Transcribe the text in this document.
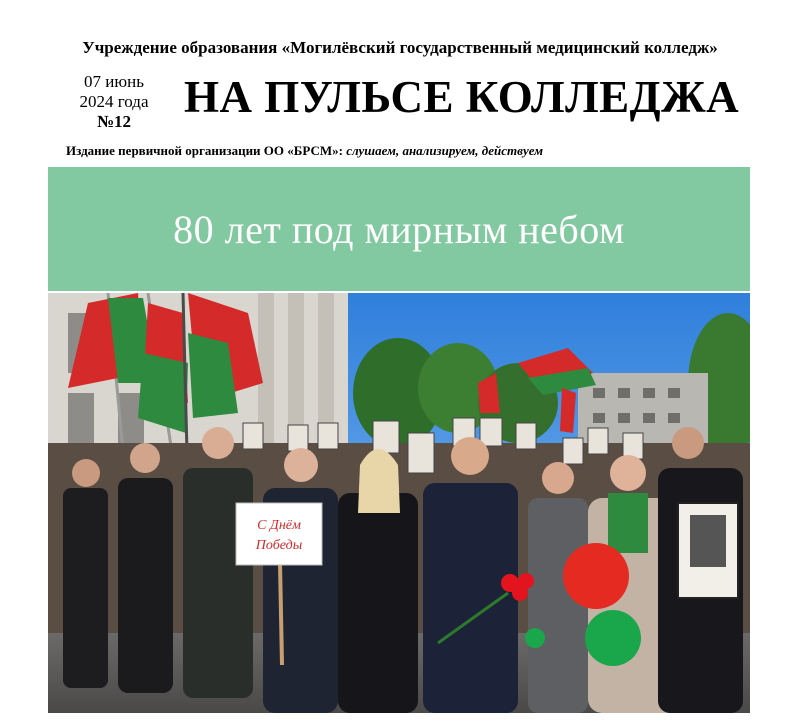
Учреждение образования «Могилёвский государственный медицинский колледж»
07 июнь
2024 года
№12	НА ПУЛЬСЕ КОЛЛЕДЖА
Издание первичной организации ОО «БРСМ»: слушаем, анализируем, действуем
80 лет под мирным небом
С Днём
Победы
